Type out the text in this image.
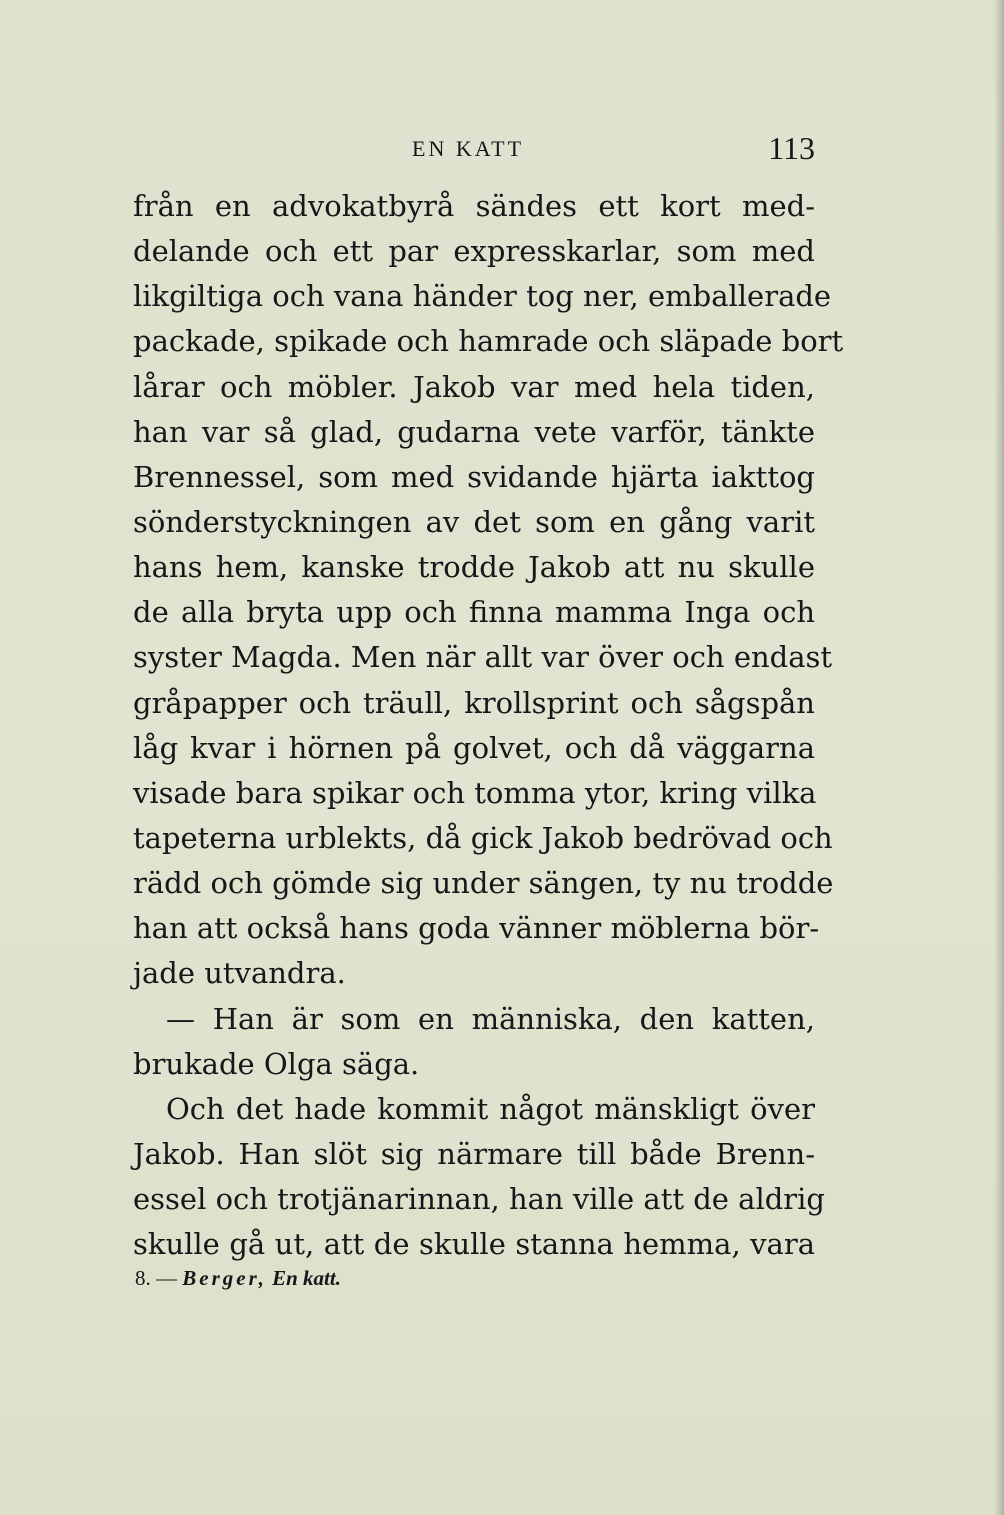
EN KATT	113
från en advokatbyrå sändes ett kort med-
delande och ett par expresskarlar, som med
likgiltiga och vana händer tog ner, emballerade
packade, spikade och hamrade och släpade bort
lårar och möbler. Jakob var med hela tiden,
han var så glad, gudarna vete varför, tänkte
Brennessel, som med svidande hjärta iakttog
sönderstyckningen av det som en gång varit
hans hem, kanske trodde Jakob att nu skulle
de alla bryta upp och finna mamma Inga och
syster Magda. Men när allt var över och endast
gråpapper och träull, krollsprint och sågspån
låg kvar i hörnen på golvet, och då väggarna
visade bara spikar och tomma ytor, kring vilka
tapeterna urblekts, då gick Jakob bedrövad och
rädd och gömde sig under sängen, ty nu trodde
han att också hans goda vänner möblerna bör-
jade utvandra.
— Han är som en människa, den katten,
brukade Olga säga.
Och det hade kommit något mänskligt över
Jakob. Han slöt sig närmare till både Brenn-
essel och trotjänarinnan, han ville att de aldrig
skulle gå ut, att de skulle stanna hemma, vara
8. — Berger, En katt.
